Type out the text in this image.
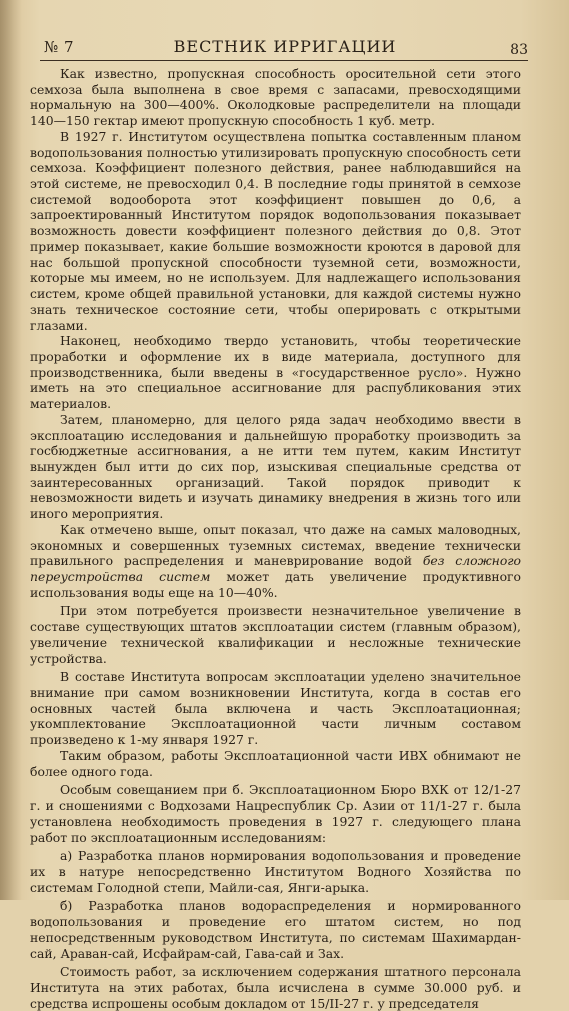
№ 7	ВЕСТНИК ИРРИГАЦИИ	83

Как известно, пропускная способность оросительной сети этого семхоза была выполнена в свое время с запасами, превосходящими нормальную на 300—400%. Околодковые распределители на площади 140—150 гектар имеют пропускную способность 1 куб. метр.

В 1927 г. Институтом осуществлена попытка составленным планом водопользования полностью утилизировать пропускную способность сети семхоза. Коэффициент полезного действия, ранее наблюдавшийся на этой системе, не превосходил 0,4. В последние годы принятой в семхозе системой водооборота этот коэффициент повышен до 0,6, а запроектированный Институтом порядок водопользования показывает возможность довести коэффициент полезного действия до 0,8. Этот пример показывает, какие большие возможности кроются в даровой для нас большой пропускной способности туземной сети, возможности, которые мы имеем, но не используем. Для надлежащего использования систем, кроме общей правильной установки, для каждой системы нужно знать техническое состояние сети, чтобы оперировать с открытыми глазами.

Наконец, необходимо твердо установить, чтобы теоретические проработки и оформление их в виде материала, доступного для производственника, были введены в «государственное русло». Нужно иметь на это специальное ассигнование для распубликования этих материалов.

Затем, планомерно, для целого ряда задач необходимо ввести в эксплоатацию исследования и дальнейшую проработку производить за госбюджетные ассигнования, а не итти тем путем, каким Институт вынужден был итти до сих пор, изыскивая специальные средства от заинтересованных организаций. Такой порядок приводит к невозможности видеть и изучать динамику внедрения в жизнь того или иного мероприятия.

Как отмечено выше, опыт показал, что даже на самых маловодных, экономных и совершенных туземных системах, введение технически правильного распределения и маневрирование водой без сложного переустройства систем может дать увеличение продуктивного использования воды еще на 10—40%.

При этом потребуется произвести незначительное увеличение в составе существующих штатов эксплоатации систем (главным образом), увеличение технической квалификации и несложные технические устройства.

В составе Института вопросам эксплоатации уделено значительное внимание при самом возникновении Института, когда в состав его основных частей была включена и часть Эксплоатационная; укомплектование Эксплоатационной части личным составом произведено к 1-му января 1927 г.

Таким образом, работы Эксплоатационной части ИВХ обнимают не более одного года.

Особым совещанием при б. Эксплоатационном Бюро ВХК от 12/1-27 г. и сношениями с Водхозами Нацреспублик Ср. Азии от 11/1-27 г. была установлена необходимость проведения в 1927 г. следующего плана работ по эксплоатационным исследованиям:

а) Разработка планов нормирования водопользования и проведение их в натуре непосредственно Институтом Водного Хозяйства по системам Голодной степи, Майли-сая, Янги-арыка.

б) Разработка планов водораспределения и нормированного водопользования и проведение его штатом систем, но под непосредственным руководством Института, по системам Шахимардан-сай, Араван-сай, Исфайрам-сай, Гава-сай и Зах.

Стоимость работ, за исключением содержания штатного персонала Института на этих работах, была исчислена в сумме 30.000 руб. и средства испрошены особым докладом от 15/II-27 г. у председателя
